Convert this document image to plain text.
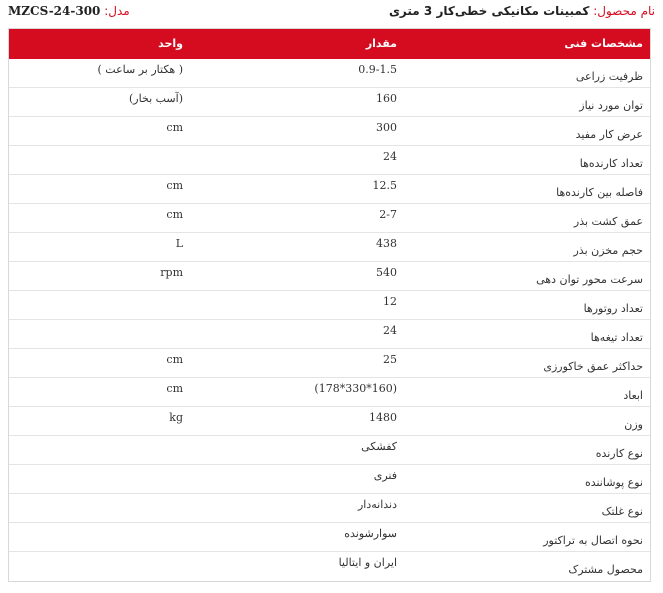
نام محصول: کمبینات مکانیکی خطی‌کار 3 متری
مدل: MZCS-24-300
مشخصات فنی
مقدار
واحد
ظرفیت زراعی
0.9-1.5
( هکتار بر ساعت )
توان مورد نیاز
160
(آسب بخار)
عرض کار مفید
300
cm
تعداد کارنده‌ها
24
فاصله بین کارنده‌ها
12.5
cm
عمق کشت بذر
2-7
cm
حجم مخزن بذر
438
L
سرعت محور توان دهی
540
rpm
تعداد روتورها
12
تعداد تیغه‌ها
24
حداکثر عمق خاکورزی
25
cm
ابعاد
(160*330*178)
cm
وزن
1480
kg
نوع کارنده
کفشکی
نوع پوشاننده
فنری
نوع غلتک
دندانه‌دار
نحوه اتصال به تراکتور
سوارشونده
محصول مشترک
ایران و ایتالیا
